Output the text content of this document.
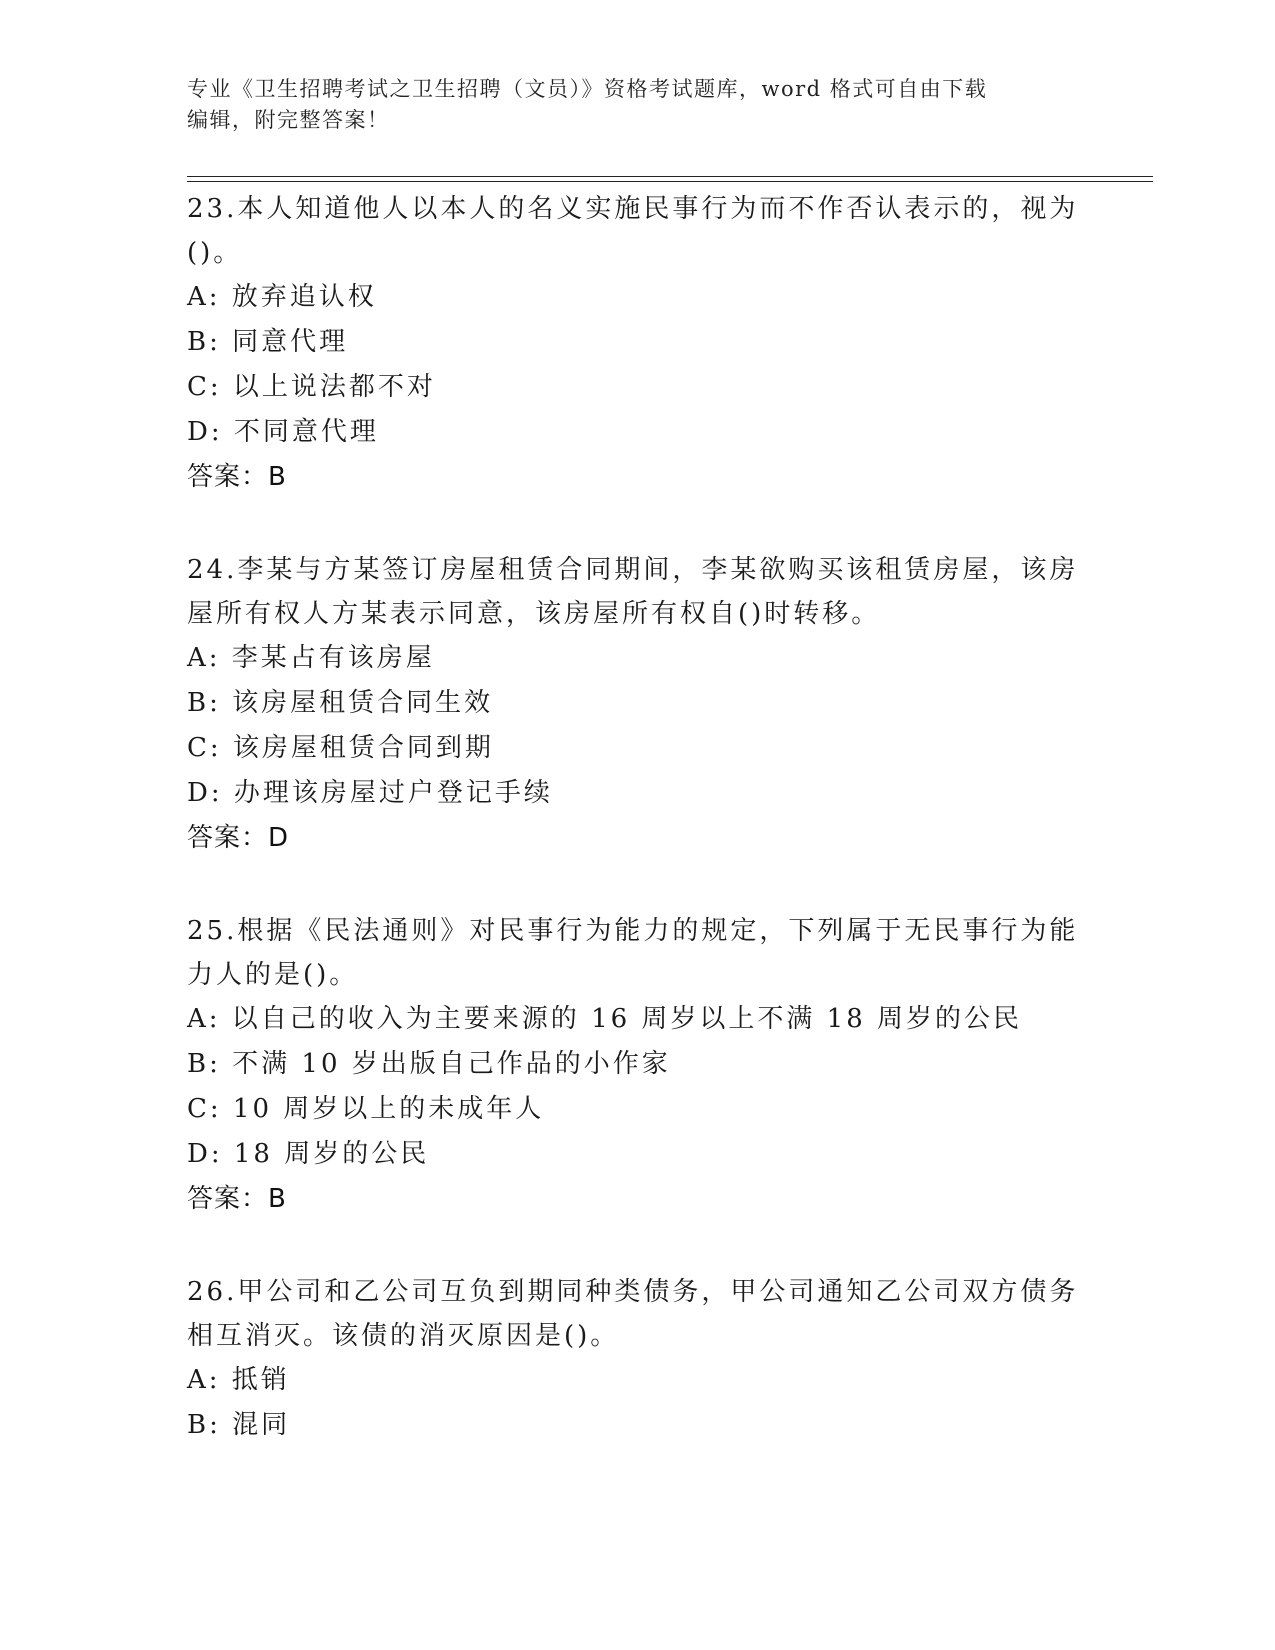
专业《卫生招聘考试之卫生招聘（文员）》资格考试题库，word 格式可自由下载
编辑，附完整答案！

23.本人知道他人以本人的名义实施民事行为而不作否认表示的，视为()。

A: 放弃追认权

B: 同意代理

C: 以上说法都不对

D: 不同意代理

答案：B

24.李某与方某签订房屋租赁合同期间，李某欲购买该租赁房屋，该房屋所有权人方某表示同意，该房屋所有权自()时转移。

A: 李某占有该房屋

B: 该房屋租赁合同生效

C: 该房屋租赁合同到期

D: 办理该房屋过户登记手续

答案：D

25.根据《民法通则》对民事行为能力的规定，下列属于无民事行为能力人的是()。

A: 以自己的收入为主要来源的 16 周岁以上不满 18 周岁的公民

B: 不满 10 岁出版自己作品的小作家

C: 10 周岁以上的未成年人

D: 18 周岁的公民

答案：B

26.甲公司和乙公司互负到期同种类债务，甲公司通知乙公司双方债务相互消灭。该债的消灭原因是()。

A: 抵销

B: 混同
